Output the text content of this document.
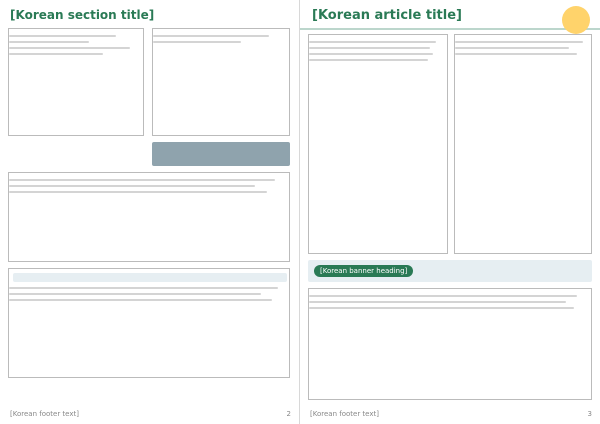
[Korean section title]
[Korean footer text]	2
[Korean article title]
[Korean banner heading]
[Korean footer text]	3
